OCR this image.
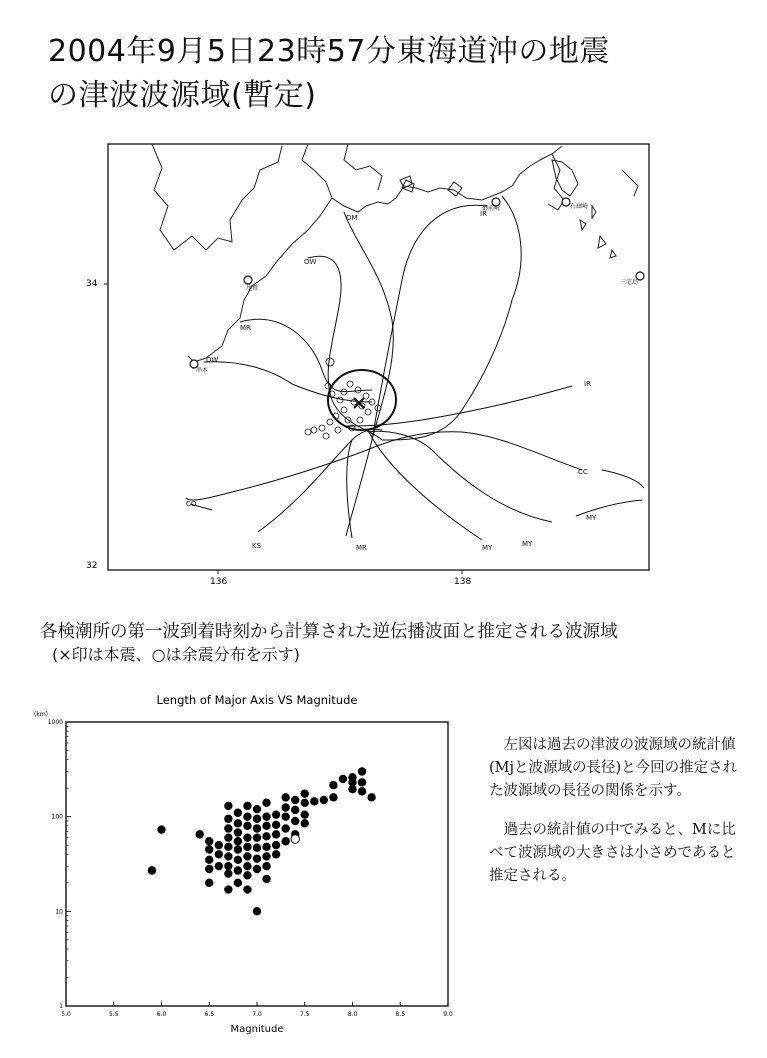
2004年9月5日23時57分東海道沖の地震
の津波波源域(暫定)
34
32
136	138
OW
DM	IR
DW
MR
IR
CC
CO
KS	MR	MY	MY
MY
御前崎	石廊崎
尾鷲
串本
三宅島
各検潮所の第一波到着時刻から計算された逆伝播波面と推定される波源域
(×印は本震、○は余震分布を示す)
Length of Major Axis VS Magnitude
(km)
5.0	5.5	6.0	6.5	7.0	7.5	8.0	8.5	9.0
1000
100
10
1
Magnitude

左図は過去の津波の波源域の統計値(Mjと波源域の長径)と今回の推定された波源域の長径の関係を示す。

過去の統計値の中でみると、Mに比べて波源域の大きさは小さめであると推定される。
